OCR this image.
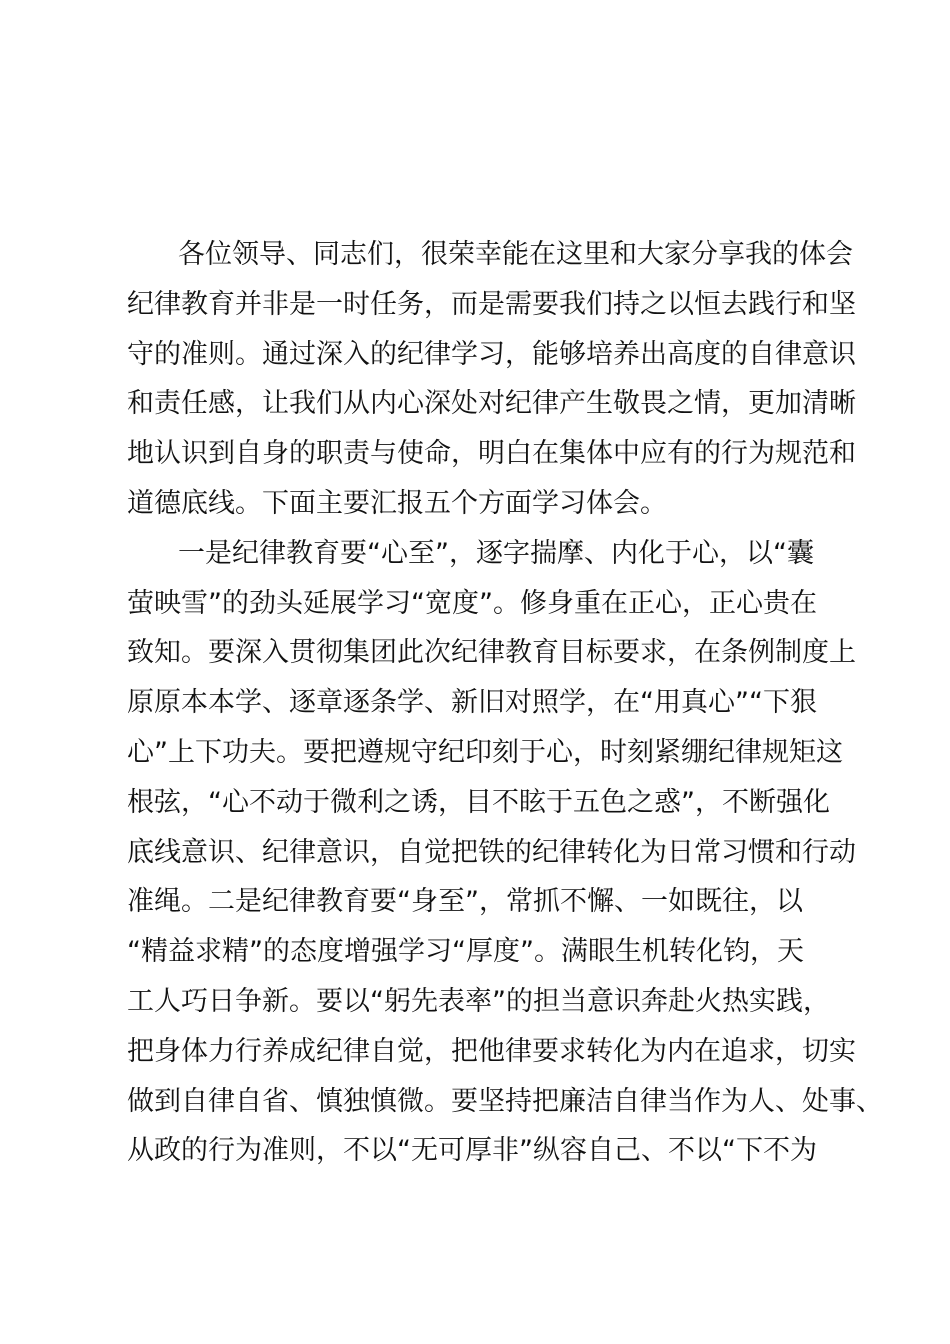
各位领导、同志们，很荣幸能在这里和大家分享我的体会
纪律教育并非是一时任务，而是需要我们持之以恒去践行和坚
守的准则。通过深入的纪律学习，能够培养出高度的自律意识
和责任感，让我们从内心深处对纪律产生敬畏之情，更加清晰
地认识到自身的职责与使命，明白在集体中应有的行为规范和
道德底线。下面主要汇报五个方面学习体会。
一是纪律教育要“心至”，逐字揣摩、内化于心，以“囊
萤映雪”的劲头延展学习“宽度”。修身重在正心，正心贵在
致知。要深入贯彻集团此次纪律教育目标要求，在条例制度上
原原本本学、逐章逐条学、新旧对照学，在“用真心”“下狠
心”上下功夫。要把遵规守纪印刻于心，时刻紧绷纪律规矩这
根弦，“心不动于微利之诱，目不眩于五色之惑”，不断强化
底线意识、纪律意识，自觉把铁的纪律转化为日常习惯和行动
准绳。二是纪律教育要“身至”，常抓不懈、一如既往，以
“精益求精”的态度增强学习“厚度”。满眼生机转化钧，天
工人巧日争新。要以“躬先表率”的担当意识奔赴火热实践，
把身体力行养成纪律自觉，把他律要求转化为内在追求，切实
做到自律自省、慎独慎微。要坚持把廉洁自律当作为人、处事、
从政的行为准则，不以“无可厚非”纵容自己、不以“下不为
